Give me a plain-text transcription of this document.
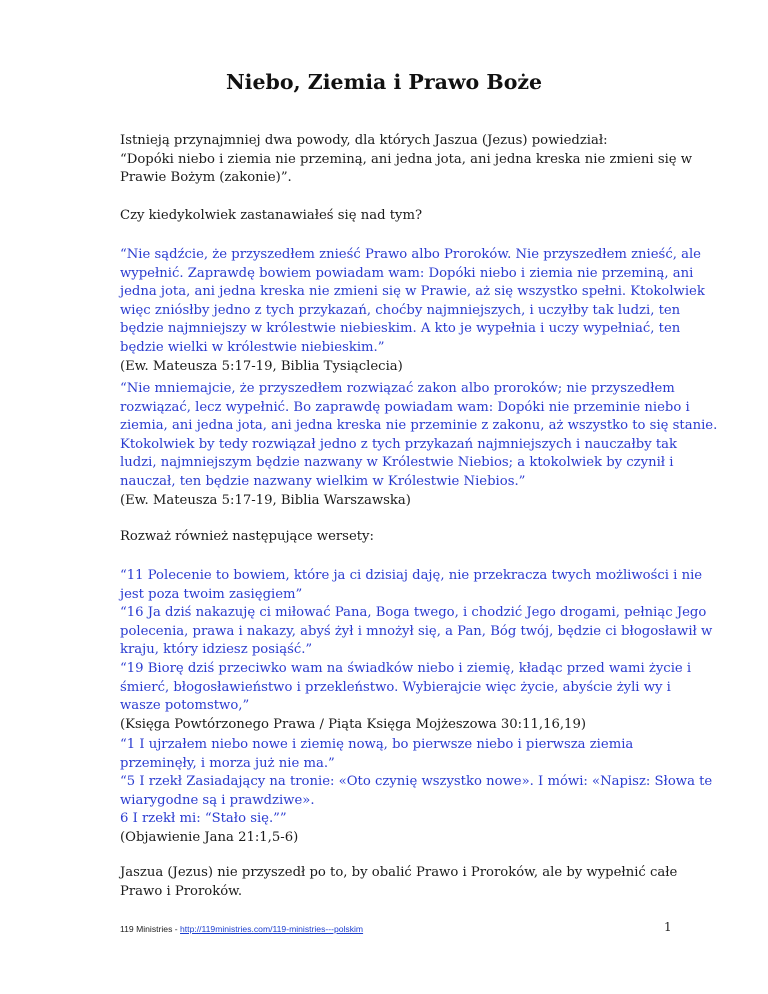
Niebo, Ziemia i Prawo Boże
Istnieją przynajmniej dwa powody, dla których Jaszua (Jezus) powiedział:
“Dopóki niebo i ziemia nie przeminą, ani jedna jota, ani jedna kreska nie zmieni się w
Prawie Bożym (zakonie)”.
Czy kiedykolwiek zastanawiałeś się nad tym?
“Nie sądźcie, że przyszedłem znieść Prawo albo Proroków. Nie przyszedłem znieść, ale
wypełnić. Zaprawdę bowiem powiadam wam: Dopóki niebo i ziemia nie przeminą, ani
jedna jota, ani jedna kreska nie zmieni się w Prawie, aż się wszystko spełni. Ktokolwiek
więc zniósłby jedno z tych przykazań, choćby najmniejszych, i uczyłby tak ludzi, ten
będzie najmniejszy w królestwie niebieskim. A kto je wypełnia i uczy wypełniać, ten
będzie wielki w królestwie niebieskim.”
(Ew. Mateusza 5:17-19, Biblia Tysiąclecia)
“Nie mniemajcie, że przyszedłem rozwiązać zakon albo proroków; nie przyszedłem
rozwiązać, lecz wypełnić. Bo zaprawdę powiadam wam: Dopóki nie przeminie niebo i
ziemia, ani jedna jota, ani jedna kreska nie przeminie z zakonu, aż wszystko to się stanie.
Ktokolwiek by tedy rozwiązał jedno z tych przykazań najmniejszych i nauczałby tak
ludzi, najmniejszym będzie nazwany w Królestwie Niebios; a ktokolwiek by czynił i
nauczał, ten będzie nazwany wielkim w Królestwie Niebios.”
(Ew. Mateusza 5:17-19, Biblia Warszawska)
Rozważ również następujące wersety:
“11 Polecenie to bowiem, które ja ci dzisiaj daję, nie przekracza twych możliwości i nie
jest poza twoim zasięgiem”
“16 Ja dziś nakazuję ci miłować Pana, Boga twego, i chodzić Jego drogami, pełniąc Jego
polecenia, prawa i nakazy, abyś żył i mnożył się, a Pan, Bóg twój, będzie ci błogosławił w
kraju, który idziesz posiąść.”
“19 Biorę dziś przeciwko wam na świadków niebo i ziemię, kładąc przed wami życie i
śmierć, błogosławieństwo i przekleństwo. Wybierajcie więc życie, abyście żyli wy i
wasze potomstwo,”
(Księga Powtórzonego Prawa / Piąta Księga Mojżeszowa 30:11,16,19)
“1 I ujrzałem niebo nowe i ziemię nową, bo pierwsze niebo i pierwsza ziemia
przeminęły, i morza już nie ma.”
“5 I rzekł Zasiadający na tronie: «Oto czynię wszystko nowe». I mówi: «Napisz: Słowa te
wiarygodne są i prawdziwe».
6 I rzekł mi: “Stało się.””
(Objawienie Jana 21:1,5-6)
Jaszua (Jezus) nie przyszedł po to, by obalić Prawo i Proroków, ale by wypełnić całe
Prawo i Proroków.
119 Ministries - http://119ministries.com/119-ministries---polskim	1
